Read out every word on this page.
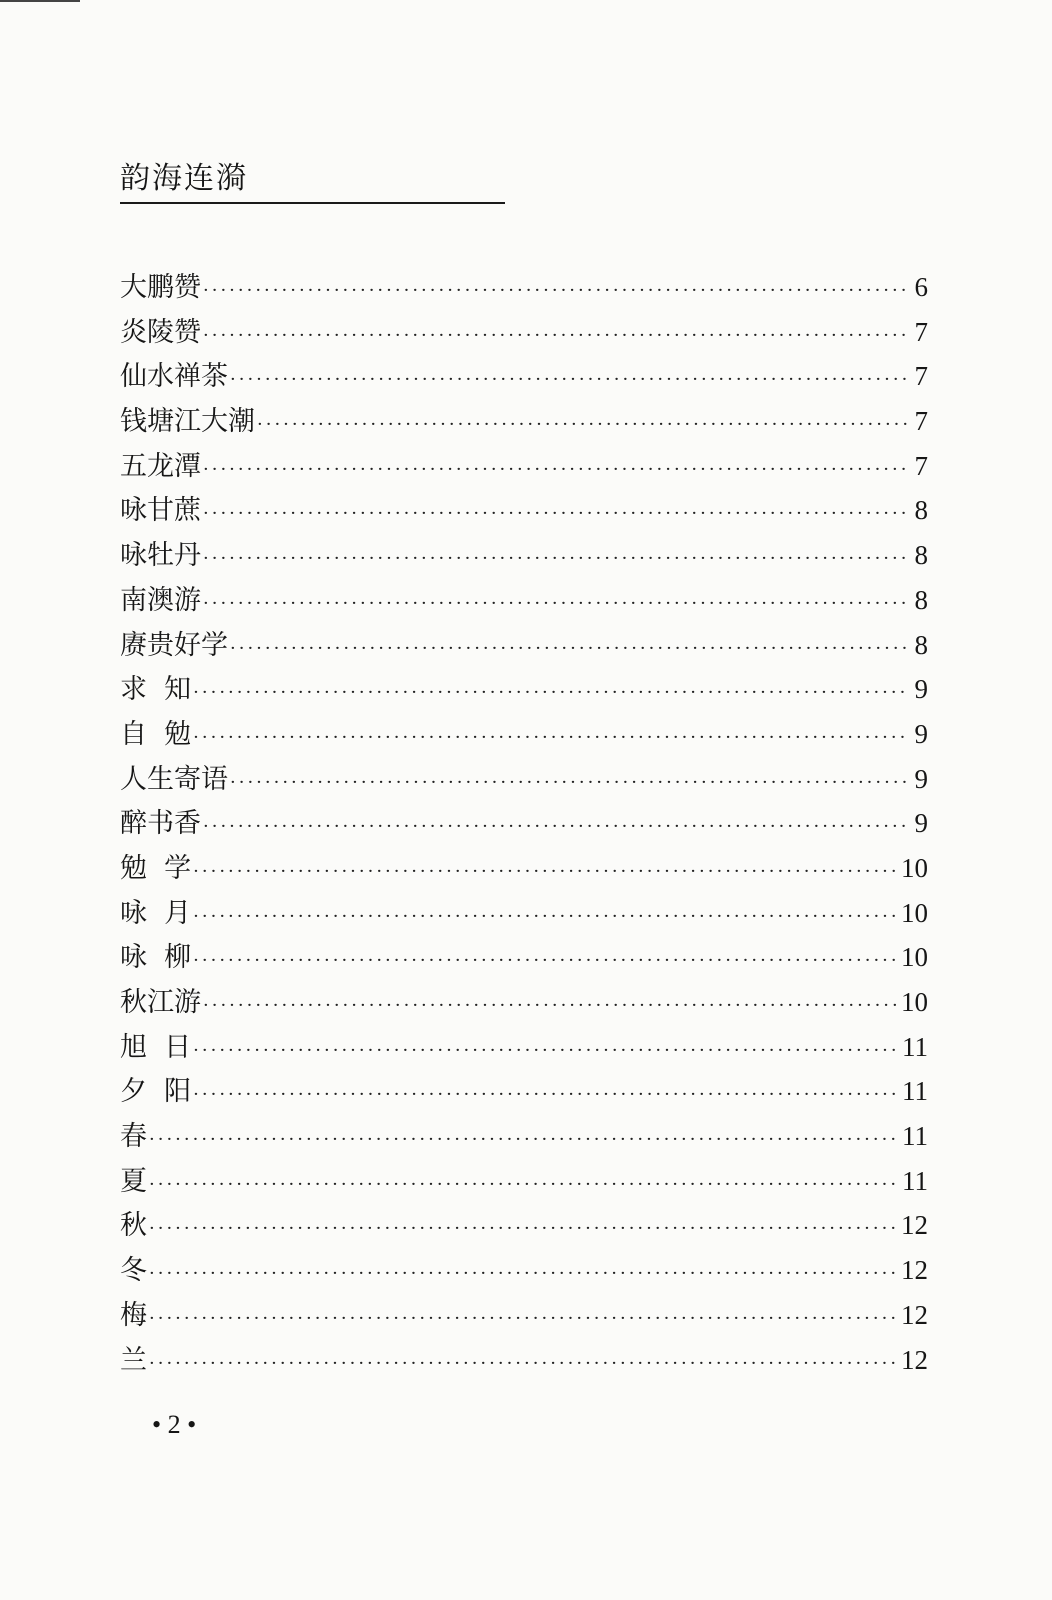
韵海连漪
大鹏赞 ·····	6
炎陵赞 ·····	7
仙水禅茶 ·····	7
钱塘江大潮 ·····	7
五龙潭 ·····	7
咏甘蔗 ·····	8
咏牡丹 ·····	8
南澳游 ·····	8
赓贵好学 ·····	8
求  知 ·····	9
自  勉 ·····	9
人生寄语 ·····	9
醉书香 ·····	9
勉  学 ·····	10
咏  月 ·····	10
咏  柳 ·····	10
秋江游 ·····	10
旭  日 ·····	11
夕  阳 ·····	11
春 ·····	11
夏 ·····	11
秋 ·····	12
冬 ·····	12
梅 ·····	12
兰 ·····	12
• 2 •
